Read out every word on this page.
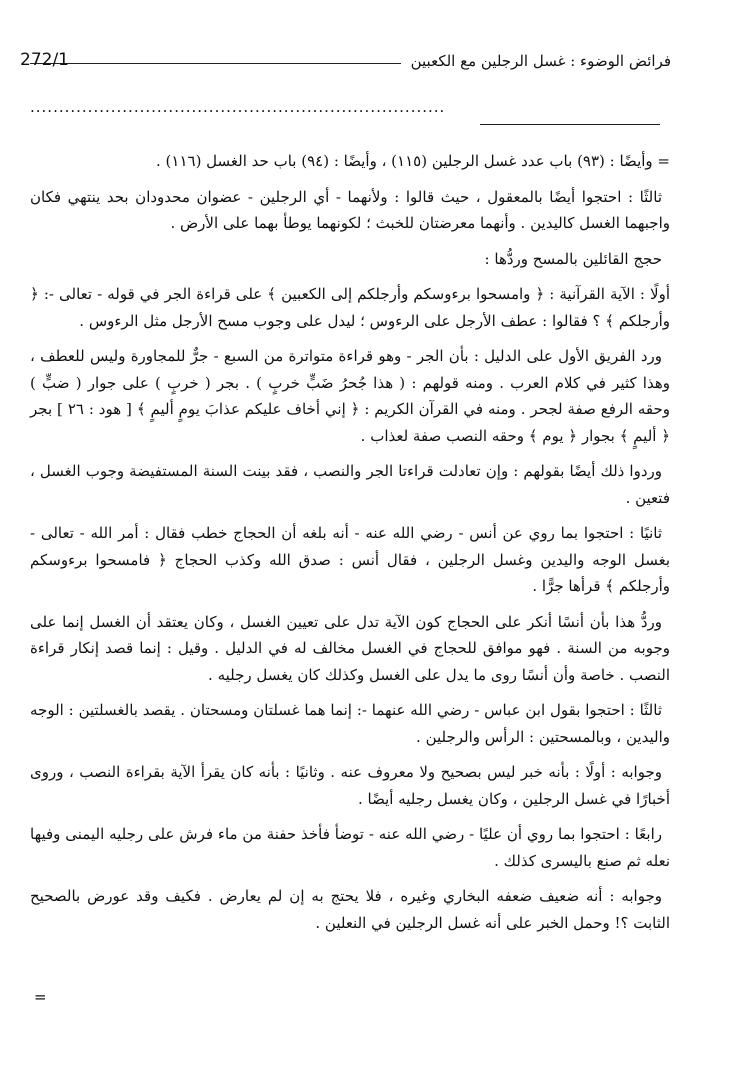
فرائض الوضوء : غسل الرجلين مع الكعبين
272/1
........................................................................

= وأيضًا : (٩٣) باب عدد غسل الرجلين (١١٥) ، وأيضًا : (٩٤) باب حد الغسل (١١٦) .

ثالثًا : احتجوا أيضًا بالمعقول ، حيث قالوا : ولأنهما - أي الرجلين - عضوان محدودان بحد ينتهي فكان واجبهما الغسل كاليدين . وأنهما معرضتان للخبث ؛ لكونهما يوطأ بهما على الأرض .

حجج القائلين بالمسح وردُّها :

أولًا : الآية القرآنية : ﴿ وامسحوا برءوسكم وأرجلكم إلى الكعبين ﴾ على قراءة الجر في قوله - تعالى -: ﴿ وأرجلكم ﴾ ؟ فقالوا : عطف الأرجل على الرءوس ؛ ليدل على وجوب مسح الأرجل مثل الرءوس .

ورد الفريق الأول على الدليل : بأن الجر - وهو قراءة متواترة من السبع - جرٌّ للمجاورة وليس للعطف ، وهذا كثير في كلام العرب . ومنه قولهم : ( هذا جُحرُ ضَبٍّ خربٍ ) . بجر ( خربٍ ) على جوار ( ضبٍّ ) وحقه الرفع صفة لجحر . ومنه في القرآن الكريم : ﴿ إني أخاف عليكم عذابَ يومٍ أليمٍ ﴾ [ هود : ٢٦ ] بجر ﴿ أليمٍ ﴾ بجوار ﴿ يوم ﴾ وحقه النصب صفة لعذاب .

وردوا ذلك أيضًا بقولهم : وإن تعادلت قراءتا الجر والنصب ، فقد بينت السنة المستفيضة وجوب الغسل ، فتعين .

ثانيًا : احتجوا بما روي عن أنس - رضي الله عنه - أنه بلغه أن الحجاج خطب فقال : أمر الله - تعالى - بغسل الوجه واليدين وغسل الرجلين ، فقال أنس : صدق الله وكذب الحجاج ﴿ فامسحوا برءوسكم وأرجلكم ﴾ قرأها جرًّا .

وردُّ هذا بأن أنسًا أنكر على الحجاج كون الآية تدل على تعيين الغسل ، وكان يعتقد أن الغسل إنما على وجوبه من السنة . فهو موافق للحجاج في الغسل مخالف له في الدليل . وقيل : إنما قصد إنكار قراءة النصب . خاصة وأن أنسًا روى ما يدل على الغسل وكذلك كان يغسل رجليه .

ثالثًا : احتجوا بقول ابن عباس - رضي الله عنهما -: إنما هما غسلتان ومسحتان . يقصد بالغسلتين : الوجه واليدين ، وبالمسحتين : الرأس والرجلين .

وجوابه : أولًا : بأنه خبر ليس بصحيح ولا معروف عنه . وثانيًا : بأنه كان يقرأ الآية بقراءة النصب ، وروى أخبارًا في غسل الرجلين ، وكان يغسل رجليه أيضًا .

رابعًا : احتجوا بما روي أن عليًا - رضي الله عنه - توضأ فأخذ حفنة من ماء فرش على رجليه اليمنى وفيها نعله ثم صنع باليسرى كذلك .

وجوابه : أنه ضعيف ضعفه البخاري وغيره ، فلا يحتج به إن لم يعارض . فكيف وقد عورض بالصحيح الثابت ؟! وحمل الخبر على أنه غسل الرجلين في النعلين .

=
